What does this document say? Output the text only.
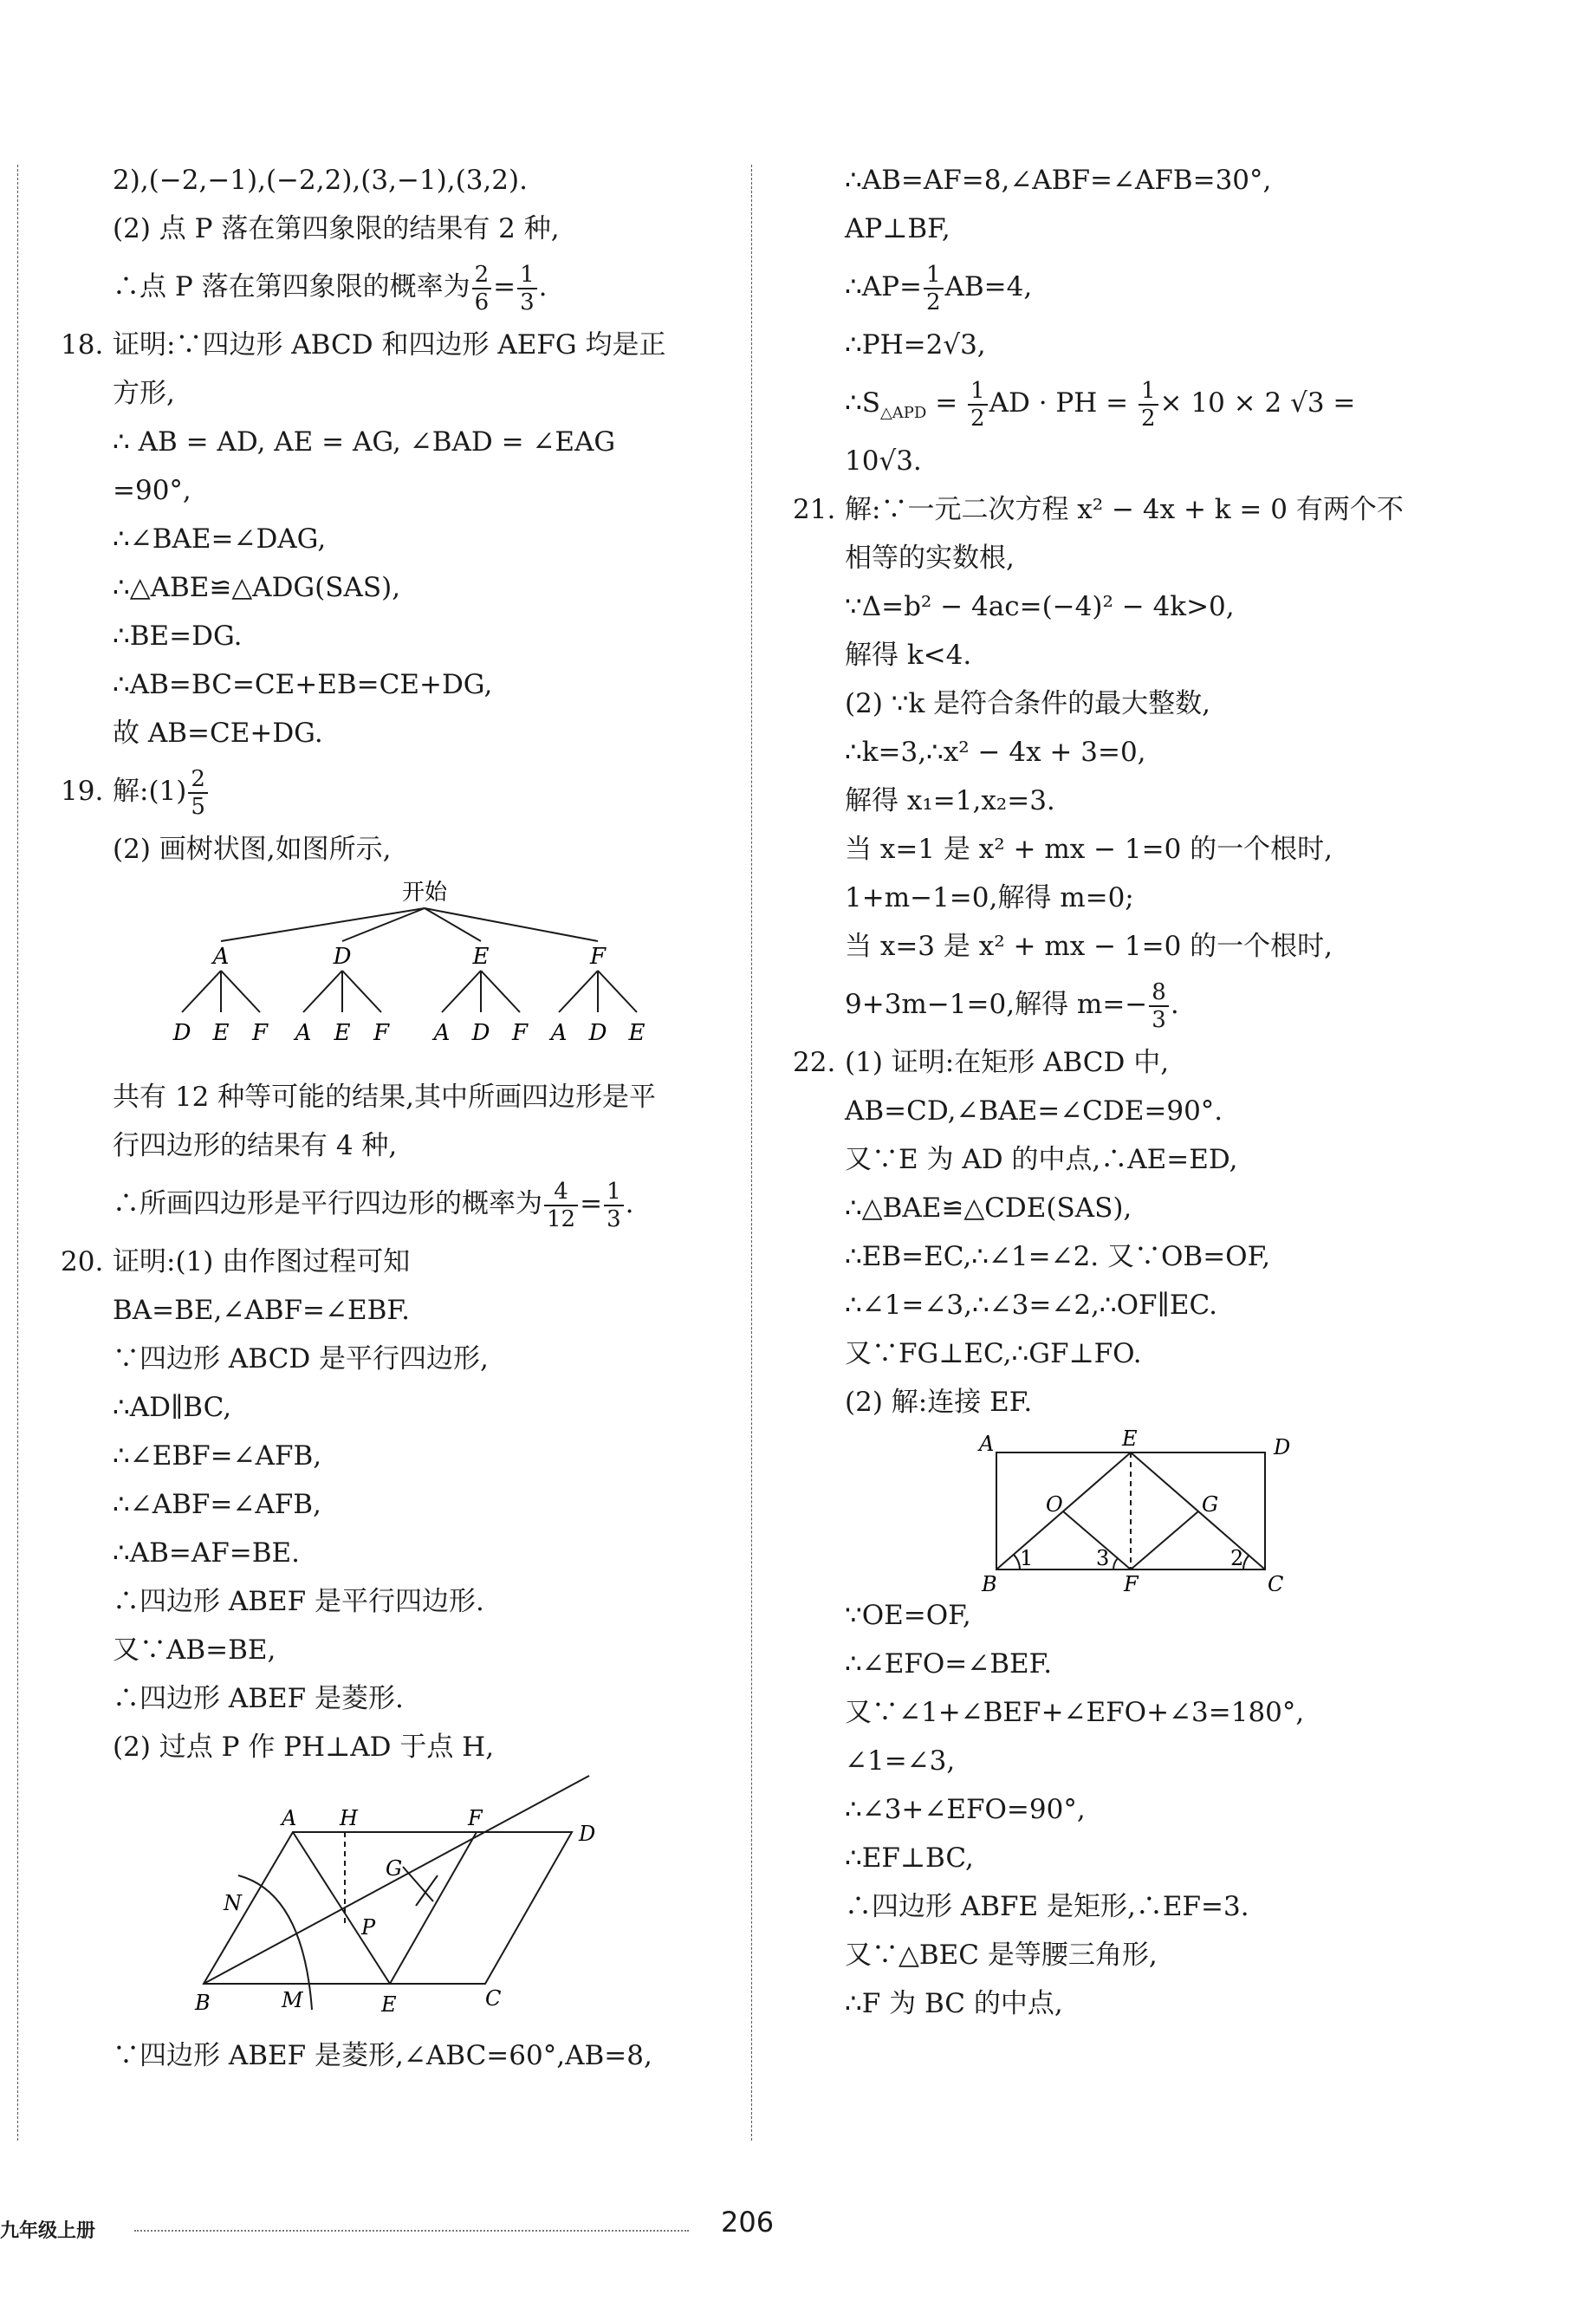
2),(−2,−1),(−2,2),(3,−1),(3,2).
(2) 点 P 落在第四象限的结果有 2 种,
∴点 P 落在第四象限的概率为 $\frac{2}{6} = \frac{1}{3}$ .
18. 证明:∵四边形 ABCD 和四边形 AEFG 均是正
方形,
∴ AB = AD, AE = AG, ∠BAD = ∠EAG
=90°,
∴∠BAE=∠DAG,
∴△ABE≌△ADG(SAS),
∴BE=DG.
∴AB=BC=CE+EB=CE+DG,
故 AB=CE+DG.
19. 解:(1) $\frac{2}{5}$
(2) 画树状图,如图所示,
开始
A	D	E	F
D E F A E F A D F A D E
共有 12 种等可能的结果,其中所画四边形是平
行四边形的结果有 4 种,
∴所画四边形是平行四边形的概率为 $\frac{4}{12} = \frac{1}{3}$ .
20. 证明:(1) 由作图过程可知
BA=BE,∠ABF=∠EBF.
∵四边形 ABCD 是平行四边形,
∴AD∥BC,
∴∠EBF=∠AFB,
∴∠ABF=∠AFB,
∴AB=AF=BE.
∴四边形 ABEF 是平行四边形.
又∵AB=BE,
∴四边形 ABEF 是菱形.
(2) 过点 P 作 PH⊥AD 于点 H,
A H	F
D
G
N
P
B	M	E	C
∵四边形 ABEF 是菱形,∠ABC=60°,AB=8,
∴AB=AF=8,∠ABF=∠AFB=30°,
AP⊥BF,
∴AP= $\frac{1}{2} AB=4$,
∴PH=2√3,
$\therefore S_{\triangle APD} = \frac{1}{2}$ AD · PH = $\frac{1}{2} \times 10 \times 2$ √3 =
10√3.
21. 解:∵一元二次方程 x² − 4x + k = 0 有两个不
相等的实数根,
∵Δ=b² − 4ac=(−4)² − 4k>0,
解得 k<4.
(2) ∵k 是符合条件的最大整数,
∴k=3,∴x² − 4x + 3=0,
解得 x₁=1,x₂=3.
当 x=1 是 x² + mx − 1=0 的一个根时,
1+m−1=0,解得 m=0;
当 x=3 是 x² + mx − 1=0 的一个根时,
9+3m−1=0,解得 $m=- \frac{8}{3}$ .
22. (1) 证明:在矩形 ABCD 中,
AB=CD,∠BAE=∠CDE=90°.
又∵E 为 AD 的中点,∴AE=ED,
∴△BAE≌△CDE(SAS),
∴EB=EC,∴∠1=∠2. 又∵OB=OF,
∴∠1=∠3,∴∠3=∠2,∴OF∥EC.
又∵FG⊥EC,∴GF⊥FO.
(2) 解:连接 EF.
A	E	D
O	G
B	F	C
1	3	2
∵OE=OF,
∴∠EFO=∠BEF.
又∵∠1+∠BEF+∠EFO+∠3=180°,
∠1=∠3,
∴∠3+∠EFO=90°,
∴EF⊥BC,
∴四边形 ABFE 是矩形,∴EF=3.
又∵△BEC 是等腰三角形,
∴F 为 BC 的中点,
九年级上册	206
